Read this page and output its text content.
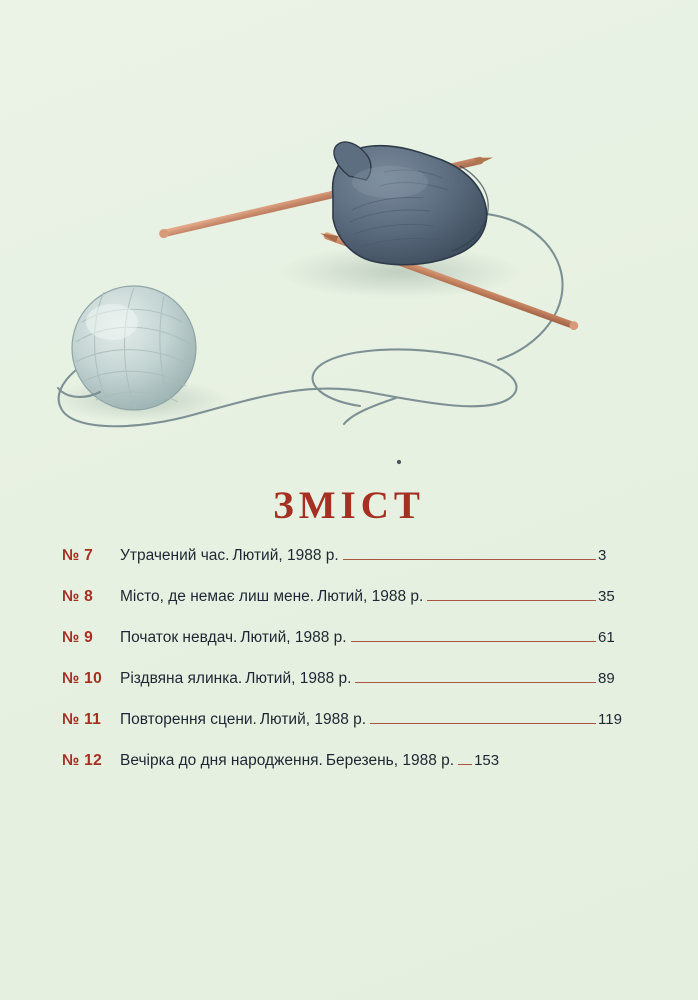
ЗМІСТ
№ 7	Утрачений час. Лютий, 1988 р.	3
№ 8	Місто, де немає лиш мене. Лютий, 1988 р.	35
№ 9	Початок невдач. Лютий, 1988 р.	61
№ 10	Різдвяна ялинка. Лютий, 1988 р.	89
№ 11	Повторення сцени. Лютий, 1988 р.	119
№ 12	Вечірка до дня народження. Березень, 1988 р. 153
